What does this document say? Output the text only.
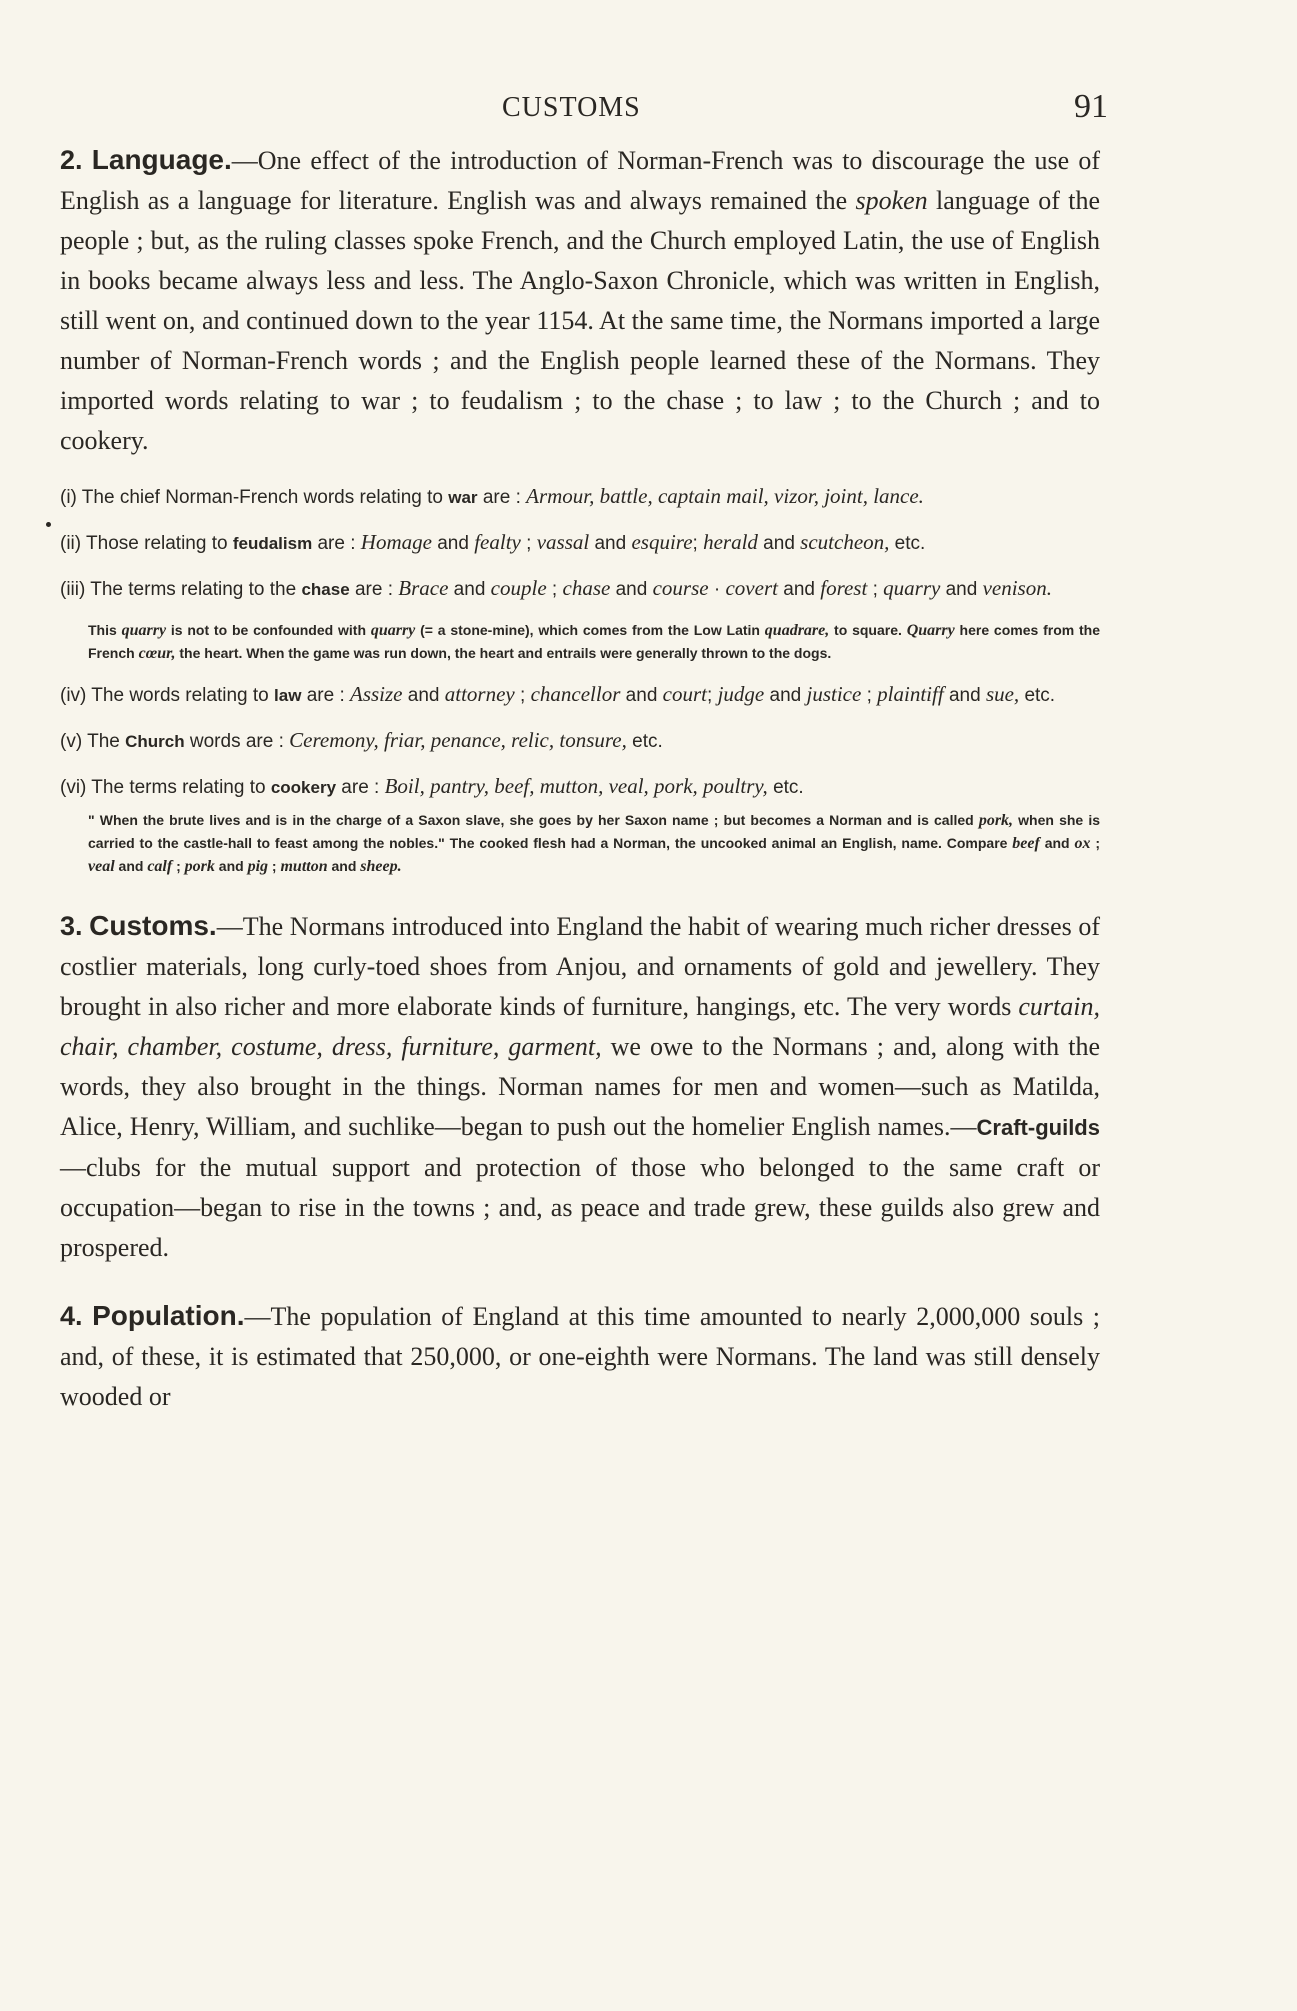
CUSTOMS	91

2. Language.—One effect of the introduction of Norman-French was to discourage the use of English as a language for literature. English was and always remained the spoken language of the people ; but, as the ruling classes spoke French, and the Church employed Latin, the use of English in books became always less and less. The Anglo-Saxon Chronicle, which was written in English, still went on, and continued down to the year 1154. At the same time, the Normans imported a large number of Norman-French words ; and the English people learned these of the Normans. They imported words relating to war ; to feudalism ; to the chase ; to law ; to the Church ; and to cookery.

(i) The chief Norman-French words relating to war are : Armour, battle, captain mail, vizor, joint, lance.

(ii) Those relating to feudalism are : Homage and fealty ; vassal and esquire; herald and scutcheon, etc.

(iii) The terms relating to the chase are : Brace and couple ; chase and course · covert and forest ; quarry and venison.

This quarry is not to be confounded with quarry (= a stone-mine), which comes from the Low Latin quadrare, to square. Quarry here comes from the French cœur, the heart. When the game was run down, the heart and entrails were generally thrown to the dogs.

(iv) The words relating to law are : Assize and attorney ; chancellor and court; judge and justice ; plaintiff and sue, etc.

(v) The Church words are : Ceremony, friar, penance, relic, tonsure, etc.

(vi) The terms relating to cookery are : Boil, pantry, beef, mutton, veal, pork, poultry, etc.

" When the brute lives and is in the charge of a Saxon slave, she goes by her Saxon name ; but becomes a Norman and is called pork, when she is carried to the castle-hall to feast among the nobles." The cooked flesh had a Norman, the uncooked animal an English, name. Compare beef and ox ; veal and calf ; pork and pig ; mutton and sheep.

3. Customs.—The Normans introduced into England the habit of wearing much richer dresses of costlier materials, long curly-toed shoes from Anjou, and ornaments of gold and jewellery. They brought in also richer and more elaborate kinds of furniture, hangings, etc. The very words curtain, chair, chamber, costume, dress, furniture, garment, we owe to the Normans ; and, along with the words, they also brought in the things. Norman names for men and women—such as Matilda, Alice, Henry, William, and suchlike—began to push out the homelier English names.—Craft-guilds—clubs for the mutual support and protection of those who belonged to the same craft or occupation—began to rise in the towns ; and, as peace and trade grew, these guilds also grew and prospered.

4. Population.—The population of England at this time amounted to nearly 2,000,000 souls ; and, of these, it is estimated that 250,000, or one-eighth were Normans. The land was still densely wooded or
